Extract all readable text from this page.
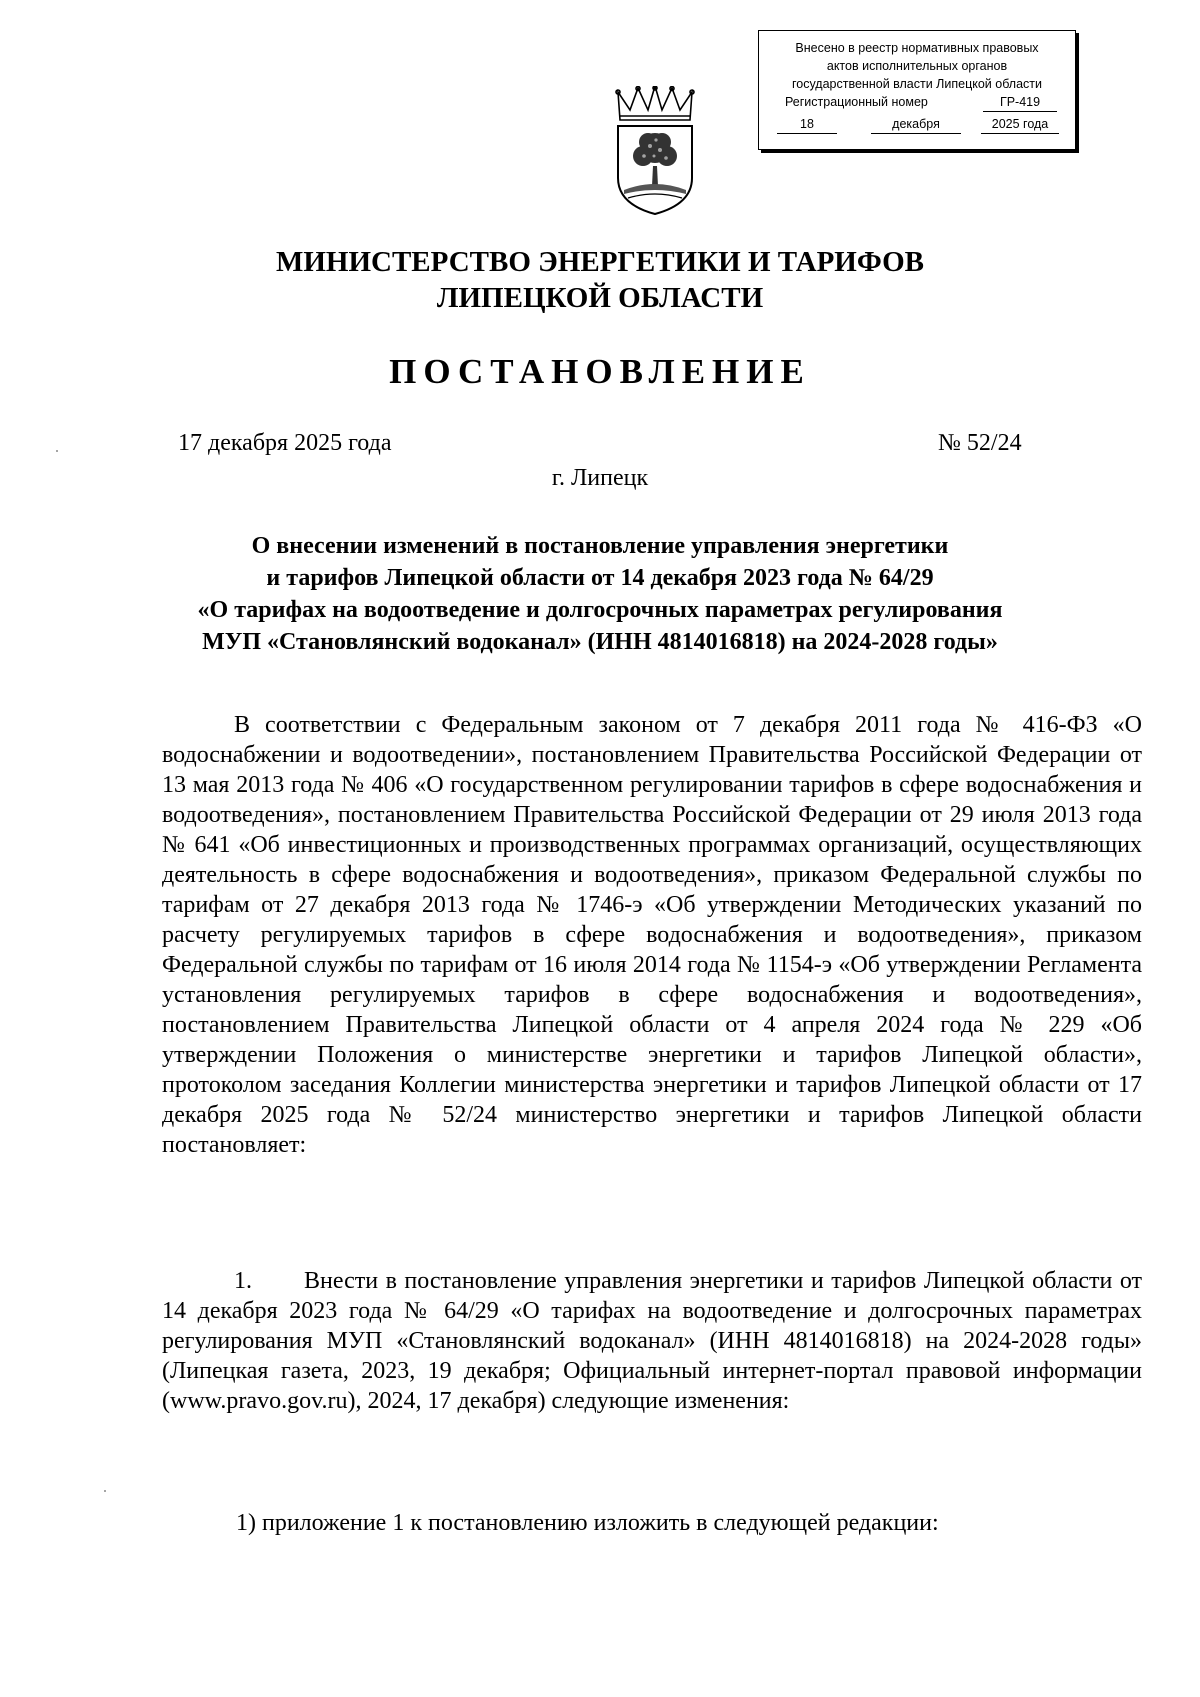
Внесено в реестр нормативных правовых
актов исполнительных органов
государственной власти Липецкой области
Регистрационный номер	ГР-419
18	декабря	2025 года
МИНИСТЕРСТВО ЭНЕРГЕТИКИ И ТАРИФОВ
ЛИПЕЦКОЙ ОБЛАСТИ
ПОСТАНОВЛЕНИЕ
17 декабря 2025 года	№ 52/24
г. Липецк
О внесении изменений в постановление управления энергетики
и тарифов Липецкой области от 14 декабря 2023 года № 64/29
«О тарифах на водоотведение и долгосрочных параметрах регулирования
МУП «Становлянский водоканал» (ИНН 4814016818) на 2024-2028 годы»

В соответствии с Федеральным законом от 7 декабря 2011 года № 416-ФЗ «О водоснабжении и водоотведении», постановлением Правительства Российской Федерации от 13 мая 2013 года № 406 «О государственном регулировании тарифов в сфере водоснабжения и водоотведения», постановлением Правительства Российской Федерации от 29 июля 2013 года № 641 «Об инвестиционных и производственных программах организаций, осуществляющих деятельность в сфере водоснабжения и водоотведения», приказом Федеральной службы по тарифам от 27 декабря 2013 года № 1746-э «Об утверждении Методических указаний по расчету регулируемых тарифов в сфере водоснабжения и водоотведения», приказом Федеральной службы по тарифам от 16 июля 2014 года № 1154-э «Об утверждении Регламента установления регулируемых тарифов в сфере водоснабжения и водоотведения», постановлением Правительства Липецкой области от 4 апреля 2024 года № 229 «Об утверждении Положения о министерстве энергетики и тарифов Липецкой области», протоколом заседания Коллегии министерства энергетики и тарифов Липецкой области от 17 декабря 2025 года № 52/24 министерство энергетики и тарифов Липецкой области постановляет:

1. Внести в постановление управления энергетики и тарифов Липецкой области от 14 декабря 2023 года № 64/29 «О тарифах на водоотведение и долгосрочных параметрах регулирования МУП «Становлянский водоканал» (ИНН 4814016818) на 2024-2028 годы» (Липецкая газета, 2023, 19 декабря; Официальный интернет-портал правовой информации (www.pravo.gov.ru), 2024, 17 декабря) следующие изменения:

1) приложение 1 к постановлению изложить в следующей редакции:
